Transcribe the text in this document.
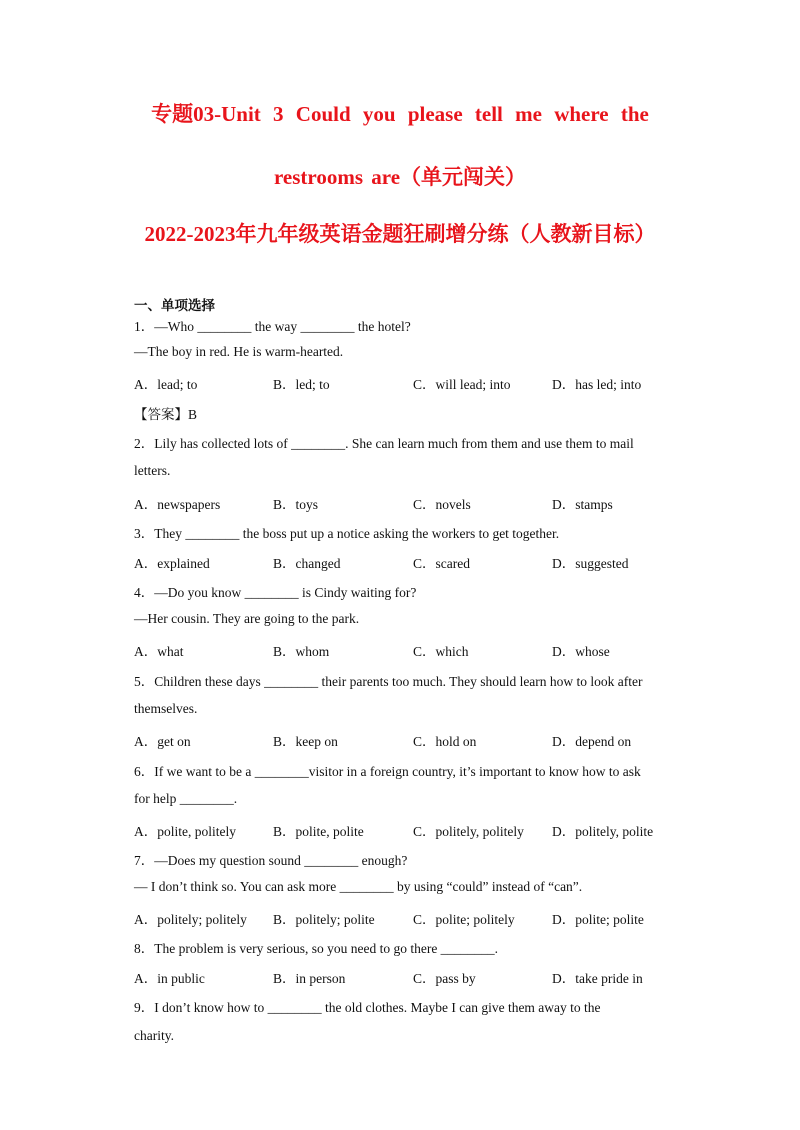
专题03-Unit 3 Could you please tell me where the
restrooms are（单元闯关）
2022-2023年九年级英语金题狂刷增分练（人教新目标）
一、单项选择
1．—Who ________ the way ________ the hotel?
—The boy in red. He is warm-hearted.
A．lead; to	B．led; to	C．will lead; into	D．has led; into
【答案】B
2．Lily has collected lots of ________. She can learn much from them and use them to mail
letters.
A．newspapers	B．toys	C．novels	D．stamps
3．They ________ the boss put up a notice asking the workers to get together.
A．explained	B．changed	C．scared	D．suggested
4．—Do you know ________ is Cindy waiting for?
—Her cousin. They are going to the park.
A．what	B．whom	C．which	D．whose
5．Children these days ________ their parents too much. They should learn how to look after
themselves.
A．get on	B．keep on	C．hold on	D．depend on
6．If we want to be a ________visitor in a foreign country, it’s important to know how to ask
for help ________.
A．polite, politely	B．polite, polite	C．politely, politely D．politely, polite
7．—Does my question sound ________ enough?
— I don’t think so. You can ask more ________ by using “could” instead of “can”.
A．politely; politely B．politely; polite	C．polite; politely	D．polite; polite
8．The problem is very serious, so you need to go there ________.
A．in public	B．in person	C．pass by	D．take pride in
9．I don’t know how to ________ the old clothes. Maybe I can give them away to the
charity.
